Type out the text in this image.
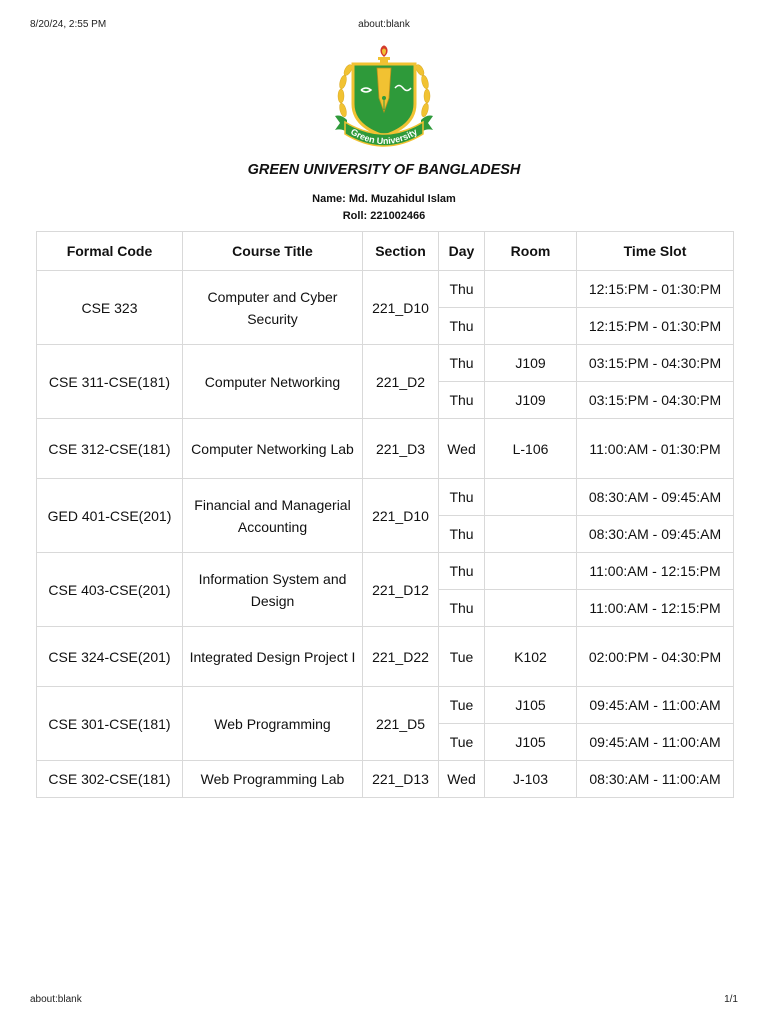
8/20/24, 2:55 PM	about:blank
Green University
GREEN UNIVERSITY OF BANGLADESH
Name: Md. Muzahidul Islam
Roll: 221002466
Formal Code	Course Title	Section	Day	Room	Time Slot
CSE 323	Computer and Cyber Security	221_D10	Thu		12:15:PM - 01:30:PM
			Thu		12:15:PM - 01:30:PM
CSE 311-CSE(181)	Computer Networking	221_D2	Thu	J109	03:15:PM - 04:30:PM
			Thu	J109	03:15:PM - 04:30:PM
CSE 312-CSE(181)	Computer Networking Lab	221_D3	Wed	L-106	11:00:AM - 01:30:PM
GED 401-CSE(201)	Financial and Managerial Accounting	221_D10	Thu		08:30:AM - 09:45:AM
			Thu		08:30:AM - 09:45:AM
CSE 403-CSE(201)	Information System and Design	221_D12	Thu		11:00:AM - 12:15:PM
			Thu		11:00:AM - 12:15:PM
CSE 324-CSE(201)	Integrated Design Project I	221_D22	Tue	K102	02:00:PM - 04:30:PM
CSE 301-CSE(181)	Web Programming	221_D5	Tue	J105	09:45:AM - 11:00:AM
			Tue	J105	09:45:AM - 11:00:AM
CSE 302-CSE(181)	Web Programming Lab	221_D13	Wed	J-103	08:30:AM - 11:00:AM
about:blank	1/1
